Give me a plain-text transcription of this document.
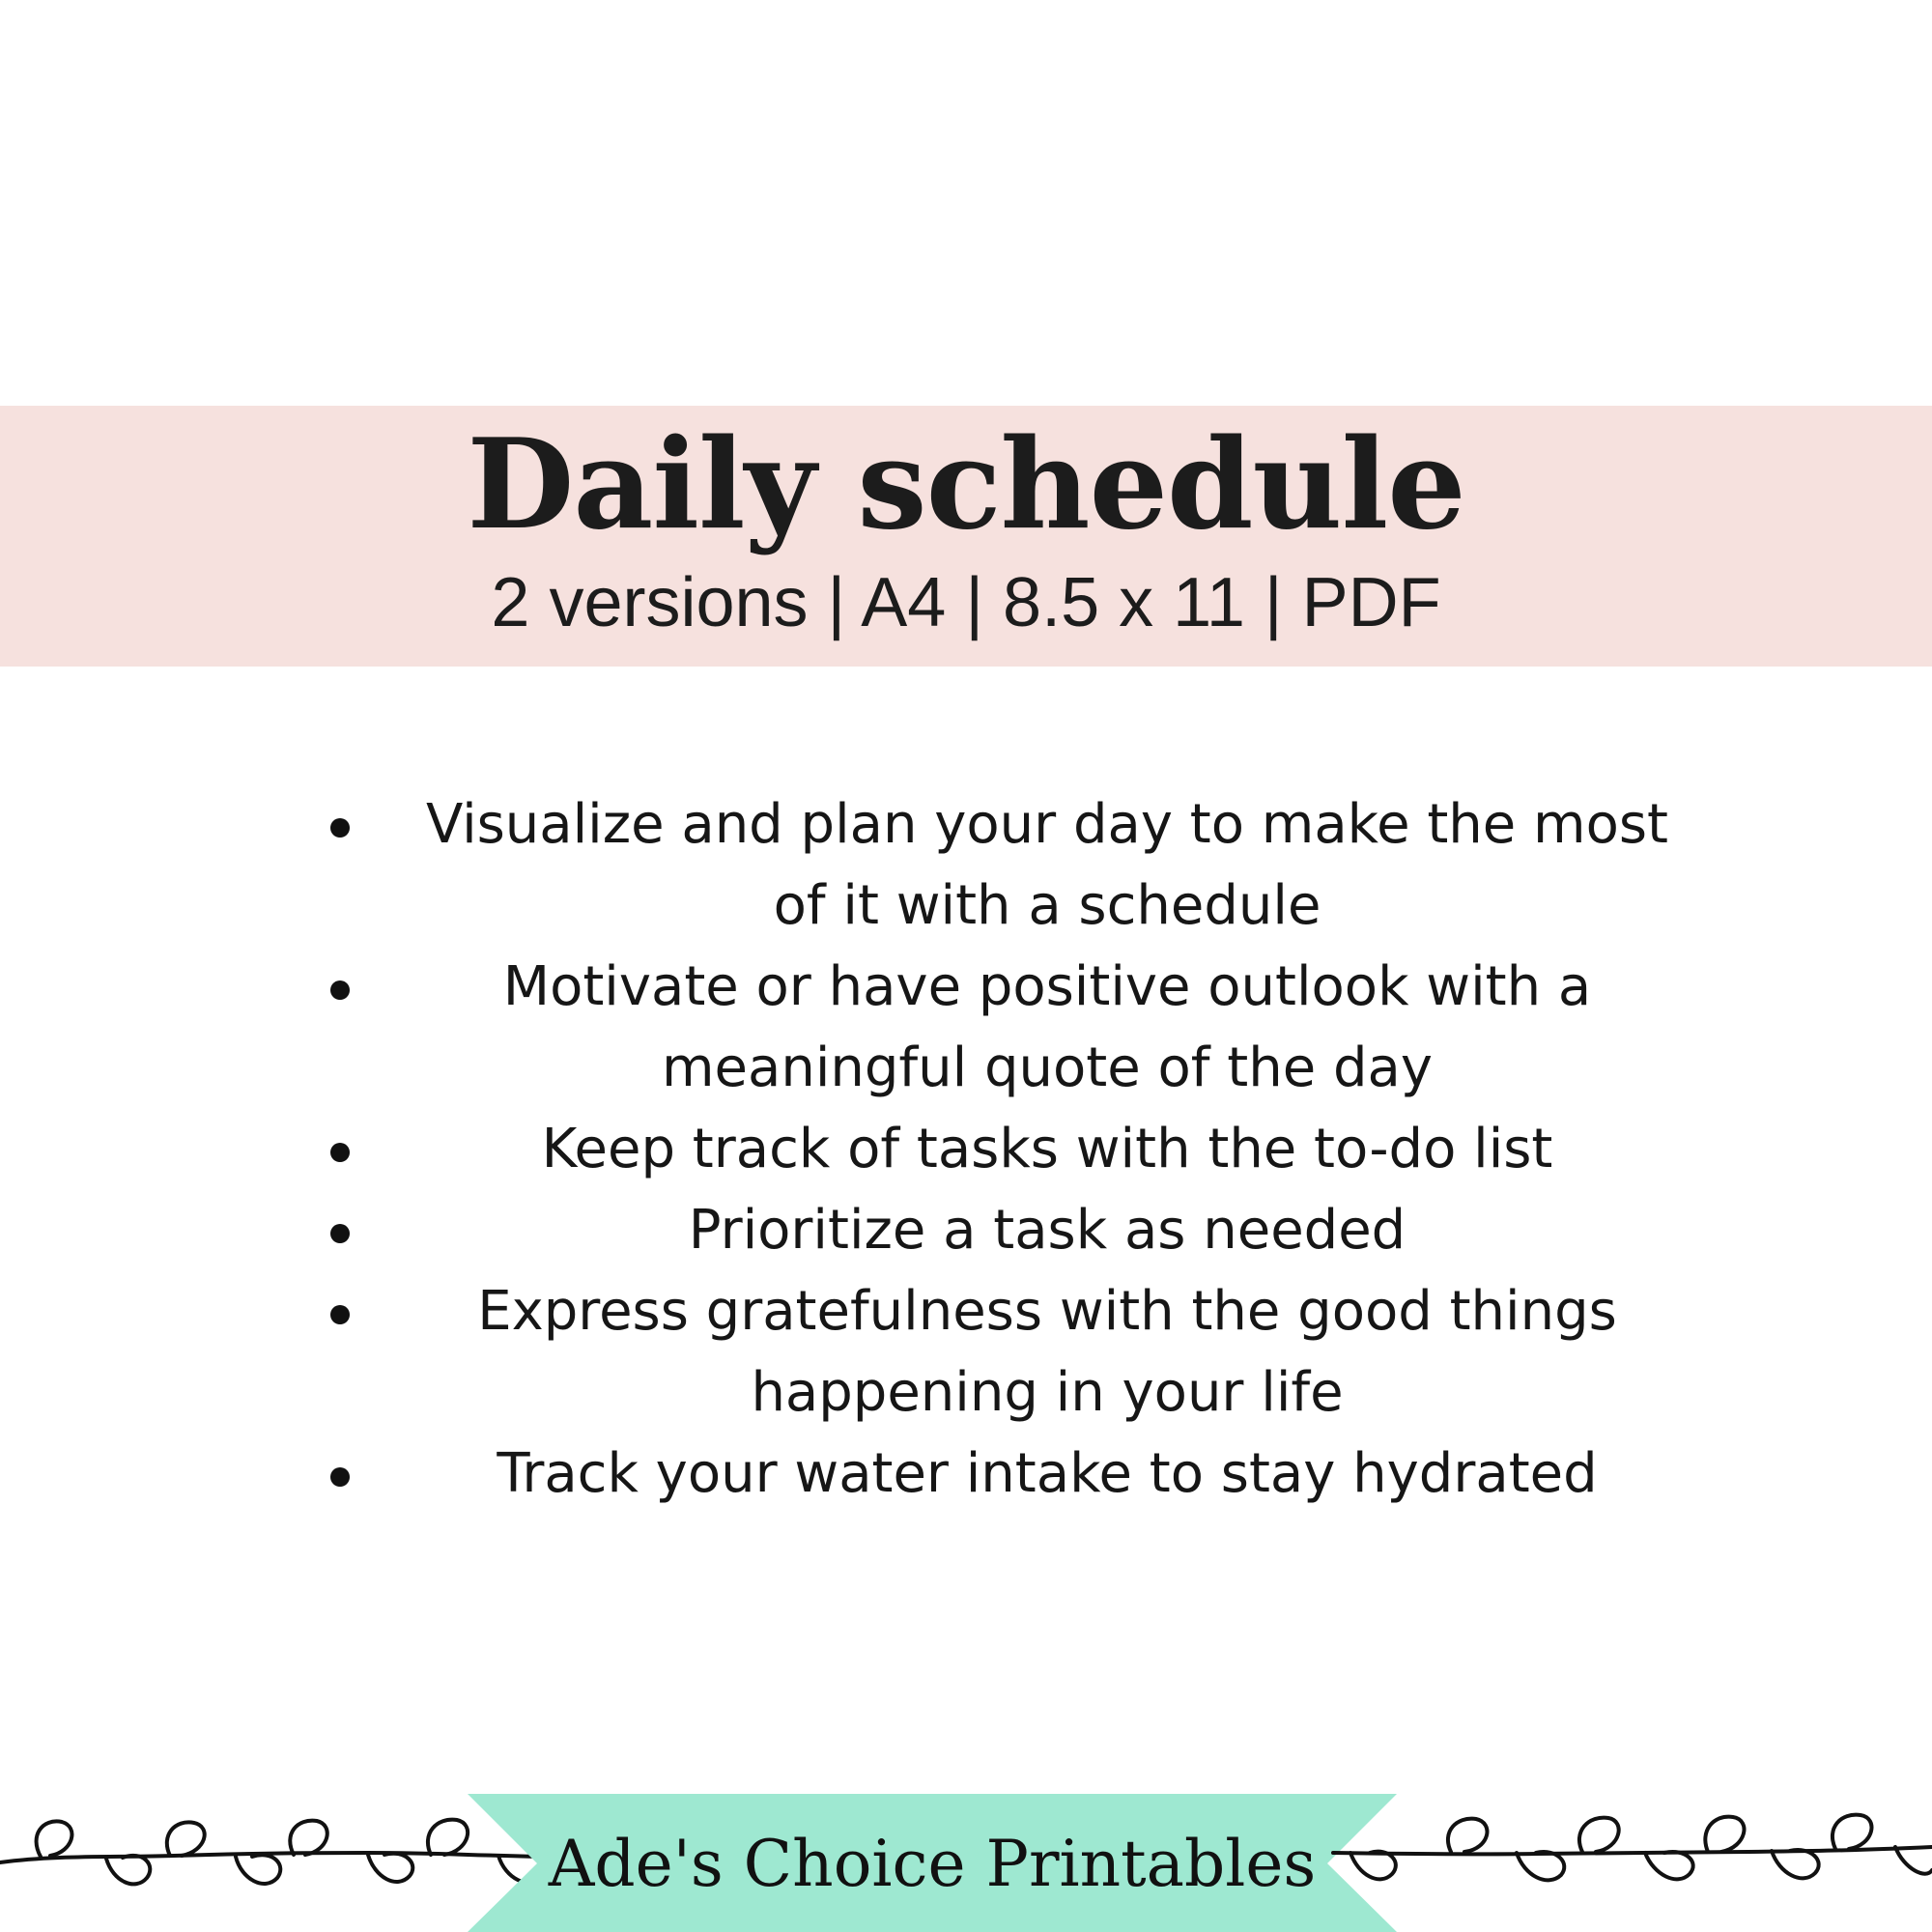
Daily schedule
2 versions | A4 | 8.5 x 11 | PDF
Visualize and plan your day to make the most of it with a schedule
Motivate or have positive outlook with a meaningful quote of the day
Keep track of tasks with the to-do list
Prioritize a task as needed
Express gratefulness with the good things happening in your life
Track your water intake to stay hydrated
Ade's Choice Printables
